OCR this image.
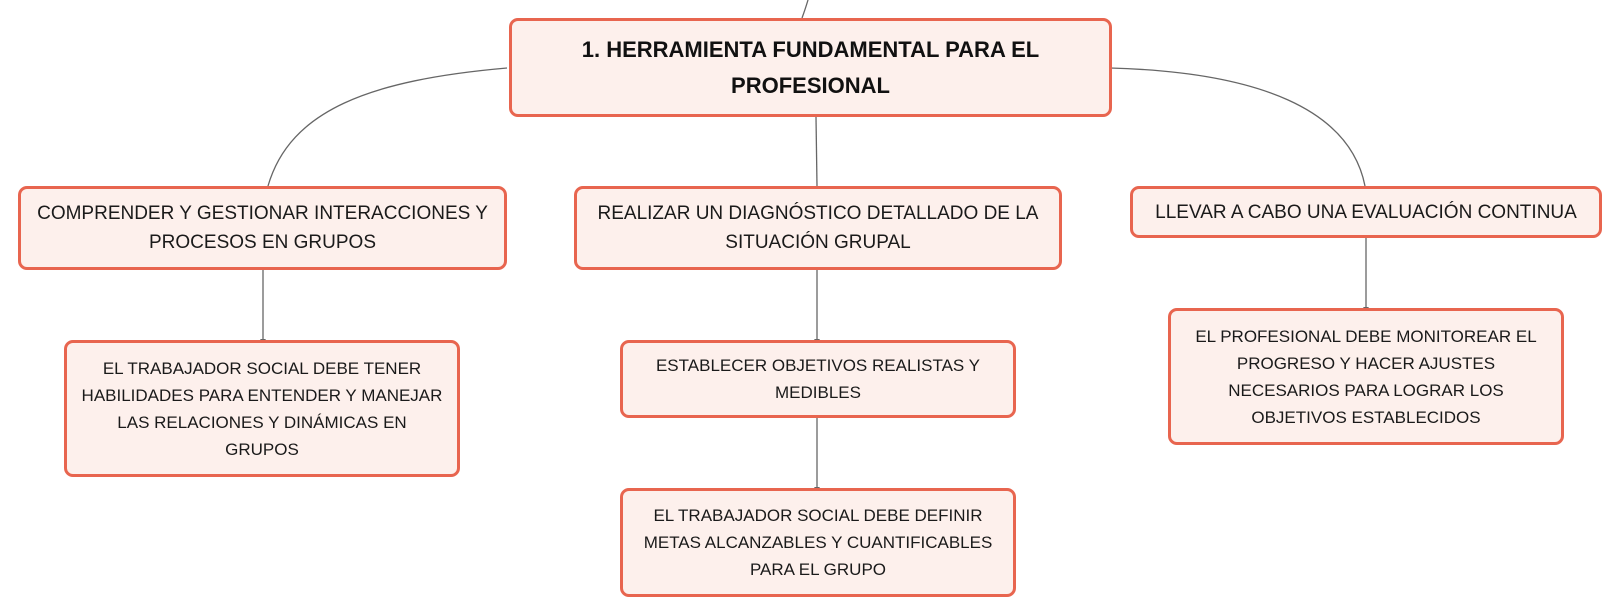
1. HERRAMIENTA FUNDAMENTAL PARA EL PROFESIONAL
COMPRENDER Y GESTIONAR INTERACCIONES Y PROCESOS EN GRUPOS
REALIZAR UN DIAGNÓSTICO DETALLADO DE LA SITUACIÓN GRUPAL
LLEVAR A CABO UNA EVALUACIÓN CONTINUA
EL TRABAJADOR SOCIAL DEBE TENER HABILIDADES PARA ENTENDER Y MANEJAR LAS RELACIONES Y DINÁMICAS EN GRUPOS
ESTABLECER OBJETIVOS REALISTAS Y MEDIBLES
EL TRABAJADOR SOCIAL DEBE DEFINIR METAS ALCANZABLES Y CUANTIFICABLES PARA EL GRUPO
EL PROFESIONAL DEBE MONITOREAR EL PROGRESO Y HACER AJUSTES NECESARIOS PARA LOGRAR LOS OBJETIVOS ESTABLECIDOS
